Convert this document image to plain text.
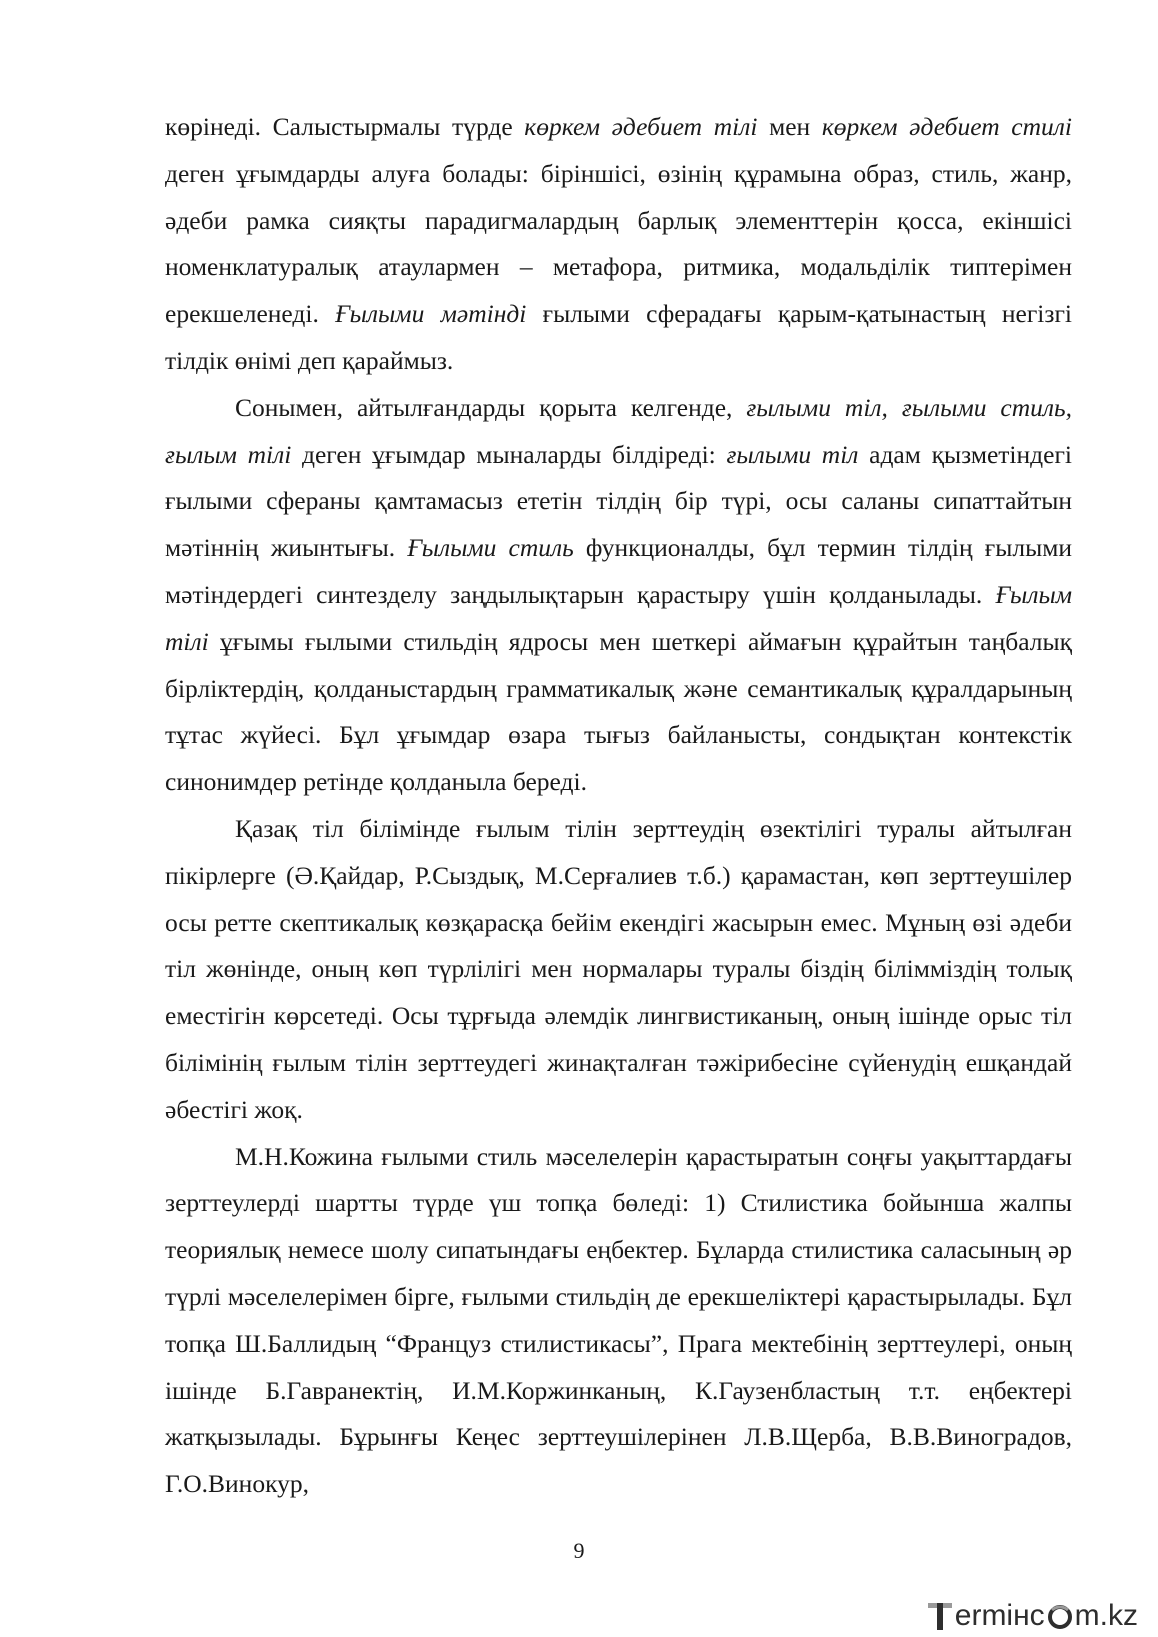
көрінеді. Салыстырмалы түрде көркем әдебиет тілі мен көркем әдебиет стилі деген ұғымдарды алуға болады: біріншісі, өзінің құрамына образ, стиль, жанр, әдеби рамка сияқты парадигмалардың барлық элементтерін қосса, екіншісі номенклатуралық атаулармен – метафора, ритмика, модальділік типтерімен ерекшеленеді. Ғылыми мәтінді ғылыми сферадағы қарым-қатынастың негізгі тілдік өнімі деп қараймыз.

Сонымен, айтылғандарды қорыта келгенде, ғылыми тіл, ғылыми стиль, ғылым тілі деген ұғымдар мыналарды білдіреді: ғылыми тіл адам қызметіндегі ғылыми сфераны қамтамасыз ететін тілдің бір түрі, осы саланы сипаттайтын мәтіннің жиынтығы. Ғылыми стиль функционалды, бұл термин тілдің ғылыми мәтіндердегі синтезделу заңдылықтарын қарастыру үшін қолданылады. Ғылым тілі ұғымы ғылыми стильдің ядросы мен шеткері аймағын құрайтын таңбалық бірліктердің, қолданыстардың грамматикалық және семантикалық құралдарының тұтас жүйесі. Бұл ұғымдар өзара тығыз байланысты, сондықтан контекстік синонимдер ретінде қолданыла береді.

Қазақ тіл білімінде ғылым тілін зерттеудің өзектілігі туралы айтылған пікірлерге (Ә.Қайдар, Р.Сыздық, М.Серғалиев т.б.) қарамастан, көп зерттеушілер осы ретте скептикалық көзқарасқа бейім екендігі жасырын емес. Мұның өзі әдеби тіл жөнінде, оның көп түрлілігі мен нормалары туралы біздің білімміздің толық еместігін көрсетеді. Осы тұрғыда әлемдік лингвистиканың, оның ішінде орыс тіл білімінің ғылым тілін зерттеудегі жинақталған тәжірибесіне сүйенудің ешқандай әбестігі жоқ.

М.Н.Кожина ғылыми стиль мәселелерін қарастыратын соңғы уақыттардағы зерттеулерді шартты түрде үш топқа бөледі: 1) Стилистика бойынша жалпы теориялық немесе шолу сипатындағы еңбектер. Бұларда стилистика саласының әр түрлі мәселелерімен бірге, ғылыми стильдің де ерекшеліктері қарастырылады. Бұл топқа Ш.Баллидың “Француз стилистикасы”, Прага мектебінің зерттеулері, оның ішінде Б.Гавранектің, И.М.Коржинканың, К.Гаузенбластың т.т. еңбектері жатқызылады. Бұрынғы Кеңес зерттеушілерінен Л.В.Щерба, В.В.Виноградов, Г.О.Винокур,

9
ermінc m.kz
